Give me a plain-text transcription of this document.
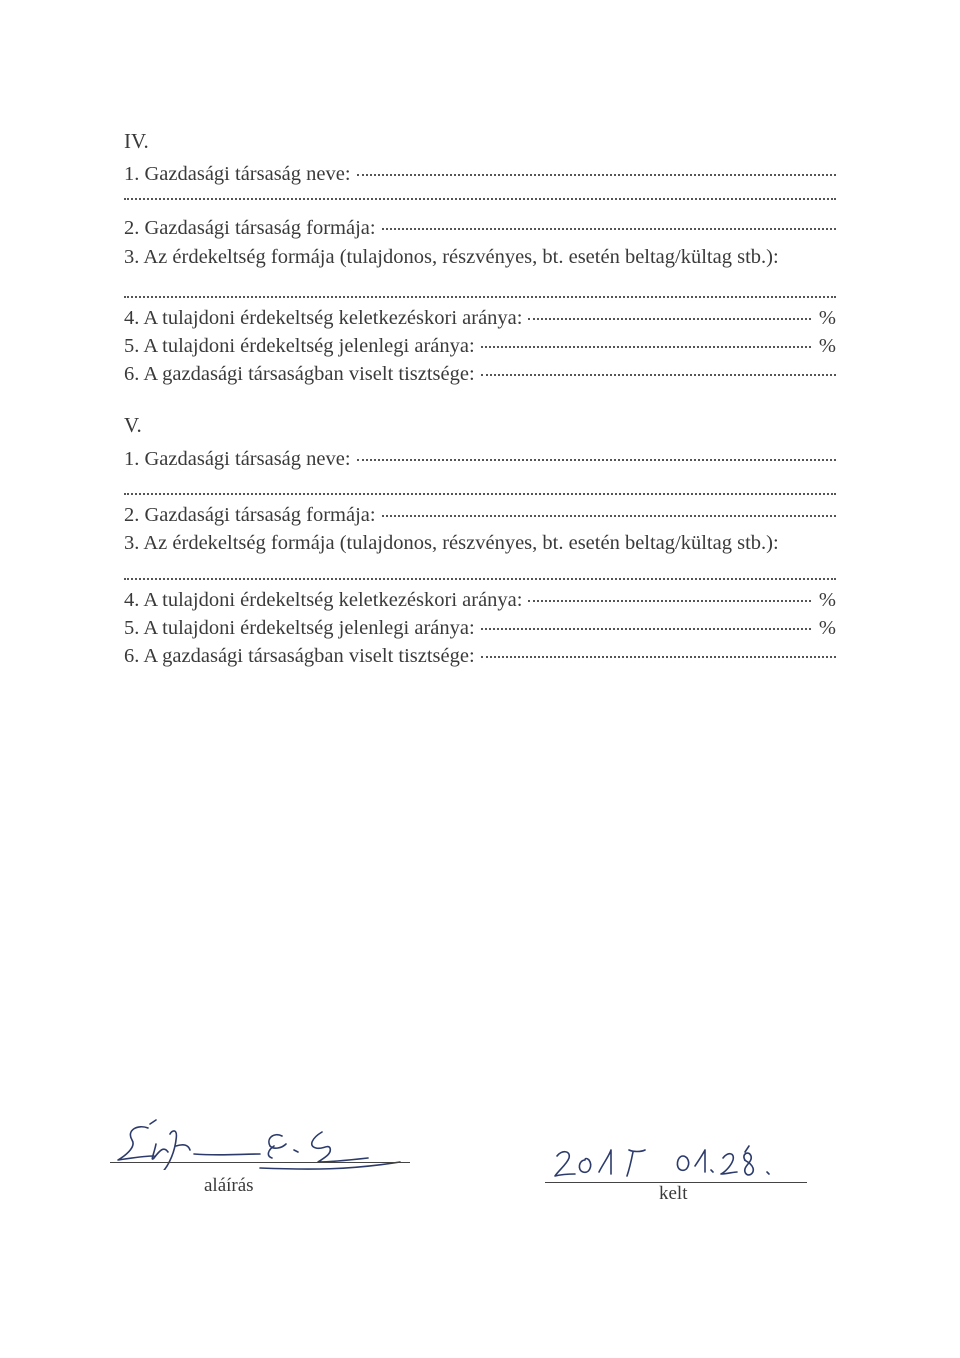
IV.
1. Gazdasági társaság neve:
2. Gazdasági társaság formája:
3. Az érdekeltség formája (tulajdonos, részvényes, bt. esetén beltag/kültag stb.):
4. A tulajdoni érdekeltség keletkezéskori aránya:	%
5. A tulajdoni érdekeltség jelenlegi aránya:	%
6. A gazdasági társaságban viselt tisztsége:
V.
1. Gazdasági társaság neve:
2. Gazdasági társaság formája:
3. Az érdekeltség formája (tulajdonos, részvényes, bt. esetén beltag/kültag stb.):
4. A tulajdoni érdekeltség keletkezéskori aránya:	%
5. A tulajdoni érdekeltség jelenlegi aránya:	%
6. A gazdasági társaságban viselt tisztsége:
aláírás	kelt
